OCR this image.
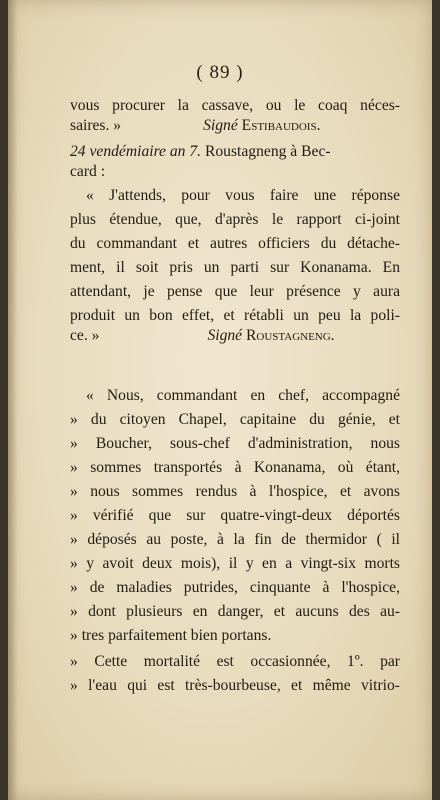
( 89 )
vous procurer la cassave, ou le coaq néces-
saires. »	Signé Estibaudois.
24 vendémiaire an 7. Roustagneng à Bec-
card :
« J'attends, pour vous faire une réponse
plus étendue, que, d'après le rapport ci-joint
du commandant et autres officiers du détache-
ment, il soit pris un parti sur Konanama. En
attendant, je pense que leur présence y aura
produit un bon effet, et rétabli un peu la poli-
ce. »	Signé Roustagneng.
« Nous, commandant en chef, accompagné
» du citoyen Chapel, capitaine du génie, et
» Boucher, sous-chef d'administration, nous
» sommes transportés à Konanama, où étant,
» nous sommes rendus à l'hospice, et avons
» vérifié que sur quatre-vingt-deux déportés
» déposés au poste, à la fin de thermidor ( il
» y avoit deux mois), il y en a vingt-six morts
» de maladies putrides, cinquante à l'hospice,
» dont plusieurs en danger, et aucuns des au-
» tres parfaitement bien portans.
» Cette mortalité est occasionnée, 1º. par
» l'eau qui est très-bourbeuse, et même vitrio-
